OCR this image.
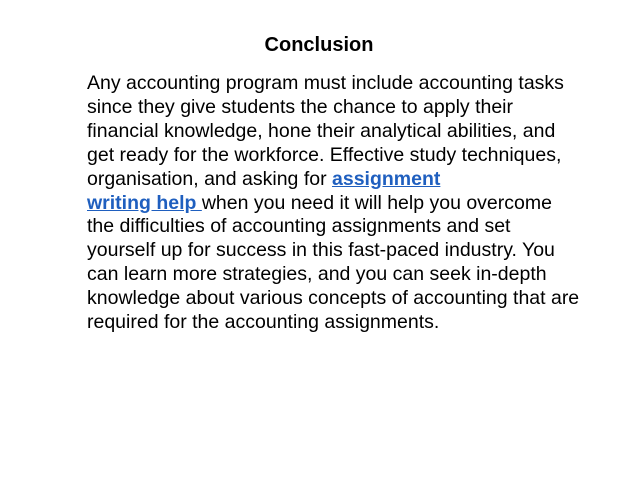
Conclusion

Any accounting program must include accounting tasks since they give students the chance to apply their financial knowledge, hone their analytical abilities, and get ready for the workforce. Effective study techniques, organisation, and asking for assignment
writing help when you need it will help you overcome the difficulties of accounting assignments and set yourself up for success in this fast-paced industry. You can learn more strategies, and you can seek in-depth knowledge about various concepts of accounting that are required for the accounting assignments.
